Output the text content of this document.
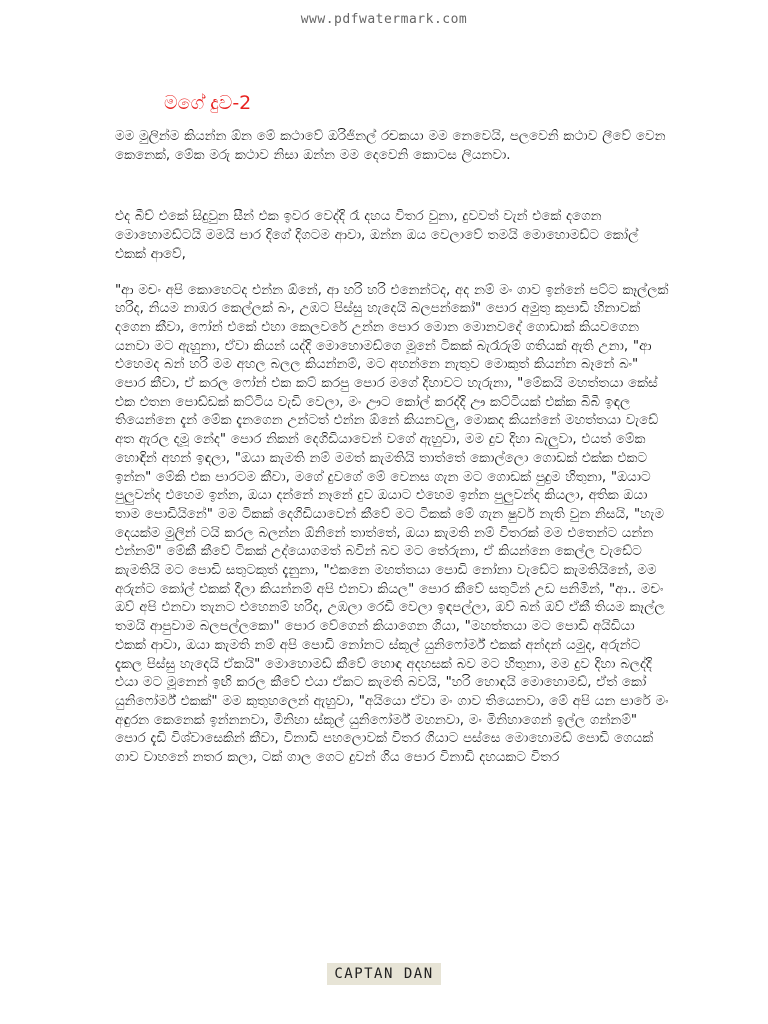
www.pdfwatermark.com
මගේ දුව-2

මම මුලින්ම කියන්න ඕන මේ කථාවේ ඔරිජිනල් රචකයා මම නෙවෙයි, පලවෙනි කථාව ලීවේ වෙන කෙනෙක්, මේක මරු කථාව නිසා ඔන්න මම දෙවෙනි කොටස ලියනවා.

එද බීච් එකේ සිදුවුන සීන් එක ඉවර වෙද්දි රෑ දහය විතර වුනා, දුවවත් වැන් එකේ දගෙන මොහොමඩ්ටයි මමයි පාර දිගේ දිගටම ආවා, ඔන්න ඔය වෙලාවේ තමයි මොහොමඩ්ට කෝල් එකක් ආවේ,

"ආ මචං අපි කොහෙටද එන්න ඕනේ, ආ හරි හරි එනෙන්ටද, අද නම් මං ගාව ඉන්නේ පට්ට කෑල්ලක් හරිද, නියම නාඹර කෙල්ලක් බං, උඹට පිස්සු හැදෙයි බලපන්කෝ" පොර අමුතු කුපාඩි හිනාවක් දගෙන කීවා, ෆෝන් එකේ එහා කෙලවරේ උන්න පොර මොන මොනවදේ ගොඩාක් කියවගෙන යනවා මට ඇහුනා, ඒවා කියන් යද්දි මොහොමඩ්ගෙ මූනේ ටිකක් බැරෑරුම් ගතියක් ඇති උනා, "ආ එහෙමද බන් හරි මම අහල බලල කියන්නම්, මට අහන්නෙ නැතුව මොකුත් කියන්න බෑනේ බං" පොර කීවා, ඒ කරල ෆෝන් එක කට් කරපු පොර මගේ දිහාවට හැරුනා, "මේකයි මහත්තයා කේස් එක එතන පොඩ්ඩක් කට්ටිය වැඩි වෙලා, මං ඌට කෝල් කරද්දි ඌ කට්ටියක් එක්ක බිබී ඉඳල තියෙන්නෙ දැන් මේක දැනගෙන උන්ටත් එන්න ඕනේ කියනවලු, මොකද කියන්නේ මහත්තයා වැඩේ අත ඇරල දමූ නේද" පොර නිකන් දෙගිඩියාවෙන් වගේ ඇහුවා, මම දුව දිහා බැලුවා, එයත් මේක හොඳින් අහන් ඉඳලා, "ඔයා කැමති නම් මමත් කැමතියි තාත්තේ කොල්ලො ගොඩක් එක්ක එකට ඉන්න" මේකි එක පාරටම කීවා, මගේ දුවගේ මේ වෙනස ගැන මට ගොඩක් පුදුම හිතුනා, "ඔයාට පුලුවන්ද එහෙම ඉන්න, ඔයා දන්නේ නෑනේ දුව ඔයාට එහෙම ඉන්න පුලුවන්ද කියලා, අතික ඔයා තාම පොඩියිනේ" මම ටිකක් දෙගිඩියාවෙන් කීවේ මට ටිකක් මේ ගැන ෂුවර් නැති වුන නිසයි, "හැම දෙයක්ම මුලින් ටයි කරල බලන්න ඕනිනේ තාත්තේ, ඔයා කැමති නම් විතරක් මම එතෙන්ට යන්න එන්නම්" මේකී කීවේ ටිකක් උද්යොගමත් බවින් බව මට තේරුනා, ඒ කියන්නෙ කෙල්ල වැඩේට කැමතියි මට පොඩි සතුටකුත් දැනුනා, "එකනෙ මහත්තයා පොඩි නෝනා වැඩේට කැමතියිනේ, මම අරුන්ට කෝල් එකක් දීලා කියන්නම් අපි එනවා කියල" පොර කීවේ සතුටින් උඩ පනිමින්, "ආ.. මචං ඔව් අපි එනවා තැනට එහෙනම් හරිද, උඹලා රෙඩි වෙලා ඉඳපල්ලා, ඔව් බන් ඔව් ඒකී තියම කෑල්ල තමයි ආපුවාම බලපල්ලකො" පොර වේගෙන් කියාගෙන ගියා, "මහත්තයා මට පොඩි අයිඩියා එකක් ආවා, ඔයා කැමති නම් අපි පොඩි නෝනට ස්කූල් යුනිෆෝර්ම් එකක් අන්දන් යමුද, අරුන්ට දැකල පිස්සු හැදෙයි ඒකයි" මොහොමඩ් කීවේ හොඳ අදහසක් බව මට හිතුනා, මම දුව දිහා බලද්දි එයා මට මූනෙන් ඉඟි කරල කීවේ එයා ඒකට කැමති බවයි, "හරි හොඳයි මොහොමඩ්, ඒත් කෝ යුනිෆෝර්ම් එකක්" මම කුතුහලෙන් ඇහුවා, "අයියො ඒවා මං ගාව තියෙනවා, මේ අපි යන පාරේ මං අඳුරන කෙනෙක් ඉන්නනවා, මිනිහා ස්කූල් යුනිෆෝර්ම් මහනවා, මං මිනිහාගෙන් ඉල්ල ගන්නම්" පොර දැඩි විශ්වාසෙකින් කීවා, විනාඩි පහලොවක් විතර ගියාට පස්සෙ මොහොමඩ් පොඩි ගෙයක් ගාව වාහනේ නතර කලා, ටක් ගාල ගෙට දුවන් ගිය පොර විනාඩි දහයකට විතර

CAPTAN DAN
